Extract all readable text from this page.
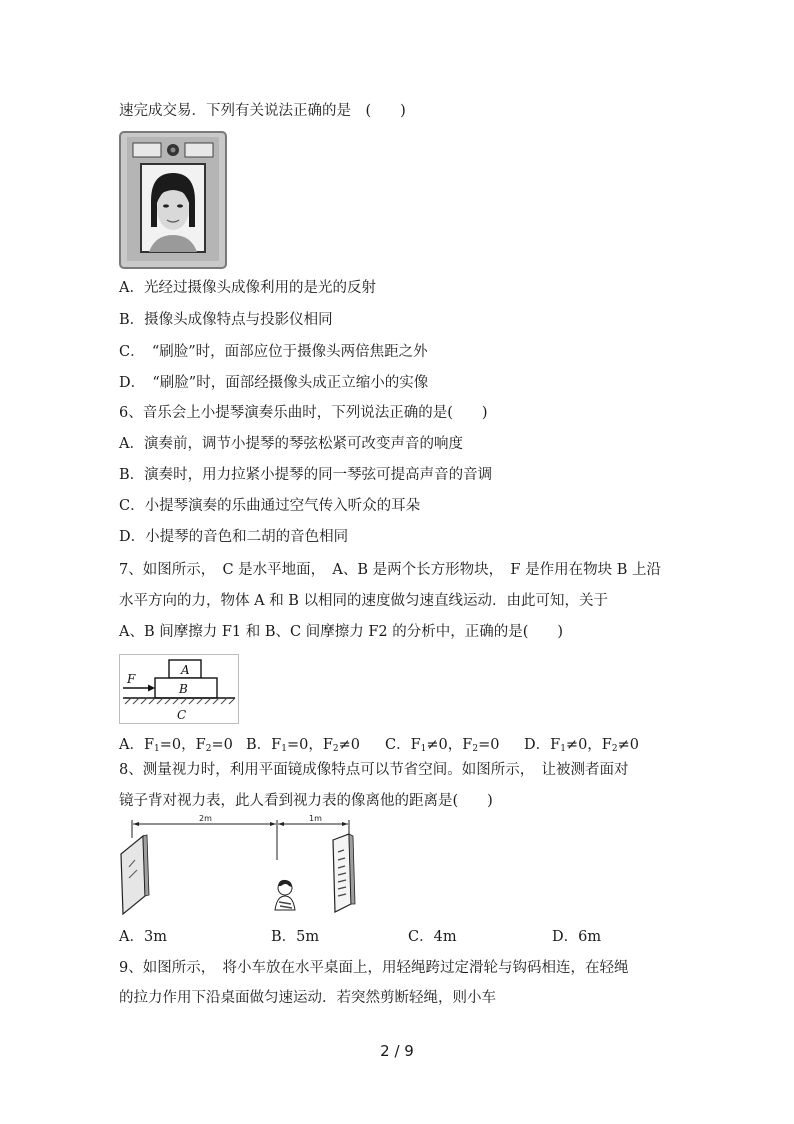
速完成交易．下列有关说法正确的是　(　　)
A．光经过摄像头成像利用的是光的反射
B．摄像头成像特点与投影仪相同
C．　“刷脸”时，面部应位于摄像头两倍焦距之外
D．　“刷脸”时，面部经摄像头成正立缩小的实像
6、音乐会上小提琴演奏乐曲时，下列说法正确的是(　　)
A．演奏前，调节小提琴的琴弦松紧可改变声音的响度
B．演奏时，用力拉紧小提琴的同一琴弦可提高声音的音调
C．小提琴演奏的乐曲通过空气传入听众的耳朵
D．小提琴的音色和二胡的音色相同
7、如图所示，　C 是水平地面，　A、B 是两个长方形物块，　F 是作用在物块 B 上沿
水平方向的力，物体 A 和 B 以相同的速度做匀速直线运动．由此可知，关于
A、B 间摩擦力 F1 和 B、C 间摩擦力 F2 的分析中，正确的是(　　)
A
B
F
C
A．$F_1=0$，$F_2=0$ B．$F_1=0$，$F_2\ne 0$ C．$F_1\ne 0$，$F_2=0$ D．$F_1\ne 0$，$F_2\ne 0$
8、测量视力时，利用平面镜成像特点可以节省空间。如图所示，　让被测者面对
镜子背对视力表，此人看到视力表的像离他的距离是(　　)
2m	1m
A．3m	B．5m	C．4m	D．6m
9、如图所示，　将小车放在水平桌面上，用轻绳跨过定滑轮与钩码相连，在轻绳
的拉力作用下沿桌面做匀速运动．若突然剪断轻绳，则小车
2 / 9
